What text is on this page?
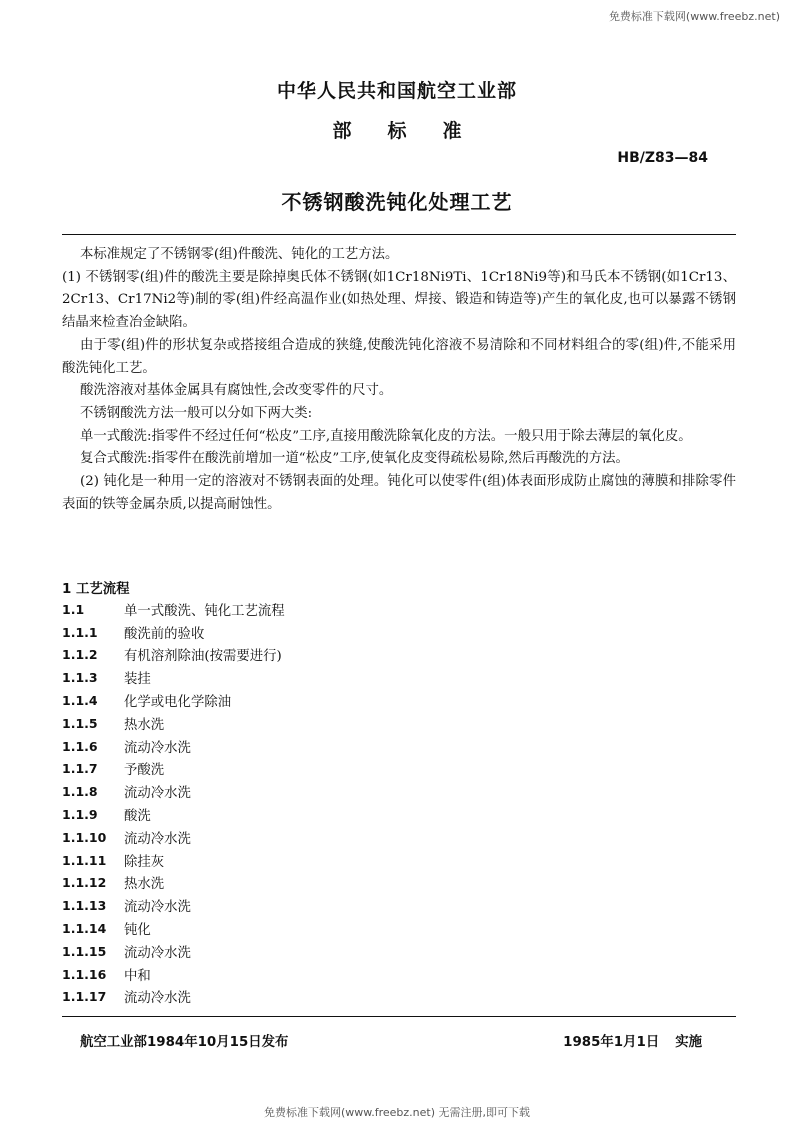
免费标准下载网(www.freebz.net)
中华人民共和国航空工业部
部标准
HB/Z83—84
不锈钢酸洗钝化处理工艺

本标准规定了不锈钢零(组)件酸洗、钝化的工艺方法。

(1) 不锈钢零(组)件的酸洗主要是除掉奥氏体不锈钢(如1Cr18Ni9Ti、1Cr18Ni9等)和马氏本不锈钢(如1Cr13、2Cr13、Cr17Ni2等)制的零(组)件经高温作业(如热处理、焊接、锻造和铸造等)产生的氧化皮,也可以暴露不锈钢结晶来检查冶金缺陷。

由于零(组)件的形状复杂或搭接组合造成的狭缝,使酸洗钝化溶液不易清除和不同材料组合的零(组)件,不能采用酸洗钝化工艺。

酸洗溶液对基体金属具有腐蚀性,会改变零件的尺寸。

不锈钢酸洗方法一般可以分如下两大类:

单一式酸洗:指零件不经过任何“松皮”工序,直接用酸洗除氧化皮的方法。一般只用于除去薄层的氧化皮。

复合式酸洗:指零件在酸洗前增加一道“松皮”工序,使氧化皮变得疏松易除,然后再酸洗的方法。

(2) 钝化是一种用一定的溶液对不锈钢表面的处理。钝化可以使零件(组)体表面形成防止腐蚀的薄膜和排除零件表面的铁等金属杂质,以提高耐蚀性。

1 工艺流程
1.1	单一式酸洗、钝化工艺流程
1.1.1	酸洗前的验收
1.1.2	有机溶剂除油(按需要进行)
1.1.3	装挂
1.1.4	化学或电化学除油
1.1.5	热水洗
1.1.6	流动冷水洗
1.1.7	予酸洗
1.1.8	流动冷水洗
1.1.9	酸洗
1.1.10	流动冷水洗
1.1.11	除挂灰
1.1.12	热水洗
1.1.13	流动冷水洗
1.1.14	钝化
1.1.15	流动冷水洗
1.1.16	中和
1.1.17	流动冷水洗
航空工业部1984年10月15日发布	1985年1月1日 实施
免费标准下载网(www.freebz.net) 无需注册,即可下载
